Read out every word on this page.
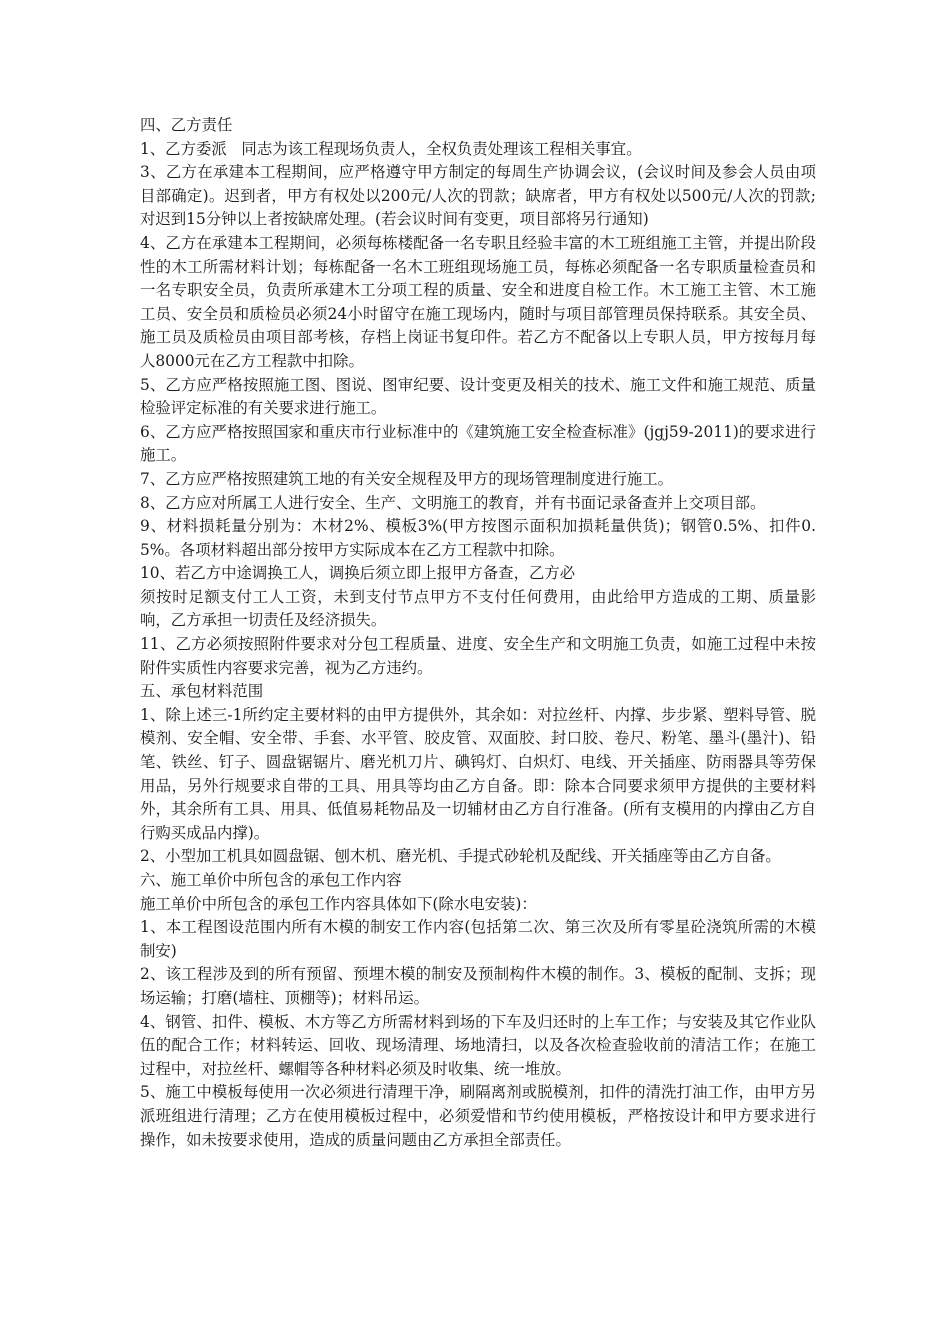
四、乙方责任

1、乙方委派   同志为该工程现场负责人，全权负责处理该工程相关事宜。

3、乙方在承建本工程期间，应严格遵守甲方制定的每周生产协调会议，(会议时间及参会人员由项目部确定)。迟到者，甲方有权处以200元/人次的罚款；缺席者，甲方有权处以500元/人次的罚款;对迟到15分钟以上者按缺席处理。(若会议时间有变更，项目部将另行通知)

4、乙方在承建本工程期间，必须每栋楼配备一名专职且经验丰富的木工班组施工主管，并提出阶段性的木工所需材料计划；每栋配备一名木工班组现场施工员，每栋必须配备一名专职质量检查员和一名专职安全员，负责所承建木工分项工程的质量、安全和进度自检工作。木工施工主管、木工施工员、安全员和质检员必须24小时留守在施工现场内，随时与项目部管理员保持联系。其安全员、施工员及质检员由项目部考核，存档上岗证书复印件。若乙方不配备以上专职人员，甲方按每月每人8000元在乙方工程款中扣除。

5、乙方应严格按照施工图、图说、图审纪要、设计变更及相关的技术、施工文件和施工规范、质量检验评定标准的有关要求进行施工。

6、乙方应严格按照国家和重庆市行业标准中的《建筑施工安全检查标准》(jgj59-2011)的要求进行施工。

7、乙方应严格按照建筑工地的有关安全规程及甲方的现场管理制度进行施工。

8、乙方应对所属工人进行安全、生产、文明施工的教育，并有书面记录备查并上交项目部。

9、材料损耗量分别为：木材2%、模板3%(甲方按图示面积加损耗量供货)；钢管0.5%、扣件0.5%。各项材料超出部分按甲方实际成本在乙方工程款中扣除。

10、若乙方中途调换工人，调换后须立即上报甲方备查，乙方必

须按时足额支付工人工资，未到支付节点甲方不支付任何费用，由此给甲方造成的工期、质量影响，乙方承担一切责任及经济损失。

11、乙方必须按照附件要求对分包工程质量、进度、安全生产和文明施工负责，如施工过程中未按附件实质性内容要求完善，视为乙方违约。

五、承包材料范围

1、除上述三-1所约定主要材料的由甲方提供外，其余如：对拉丝杆、内撑、步步紧、塑料导管、脱模剂、安全帽、安全带、手套、水平管、胶皮管、双面胶、封口胶、卷尺、粉笔、墨斗(墨汁)、铅笔、铁丝、钉子、圆盘锯锯片、磨光机刀片、碘钨灯、白炽灯、电线、开关插座、防雨器具等劳保用品，另外行规要求自带的工具、用具等均由乙方自备。即：除本合同要求须甲方提供的主要材料外，其余所有工具、用具、低值易耗物品及一切辅材由乙方自行准备。(所有支模用的内撑由乙方自行购买成品内撑)。

2、小型加工机具如圆盘锯、刨木机、磨光机、手提式砂轮机及配线、开关插座等由乙方自备。

六、施工单价中所包含的承包工作内容

施工单价中所包含的承包工作内容具体如下(除水电安装)：

1、本工程图设范围内所有木模的制安工作内容(包括第二次、第三次及所有零星砼浇筑所需的木模制安)

2、该工程涉及到的所有预留、预埋木模的制安及预制构件木模的制作。3、模板的配制、支拆；现场运输；打磨(墙柱、顶棚等)；材料吊运。

4、钢管、扣件、模板、木方等乙方所需材料到场的下车及归还时的上车工作；与安装及其它作业队伍的配合工作；材料转运、回收、现场清理、场地清扫，以及各次检查验收前的清洁工作；在施工过程中，对拉丝杆、螺帽等各种材料必须及时收集、统一堆放。

5、施工中模板每使用一次必须进行清理干净，刷隔离剂或脱模剂，扣件的清洗打油工作，由甲方另派班组进行清理；乙方在使用模板过程中，必须爱惜和节约使用模板，严格按设计和甲方要求进行操作，如未按要求使用，造成的质量问题由乙方承担全部责任。
